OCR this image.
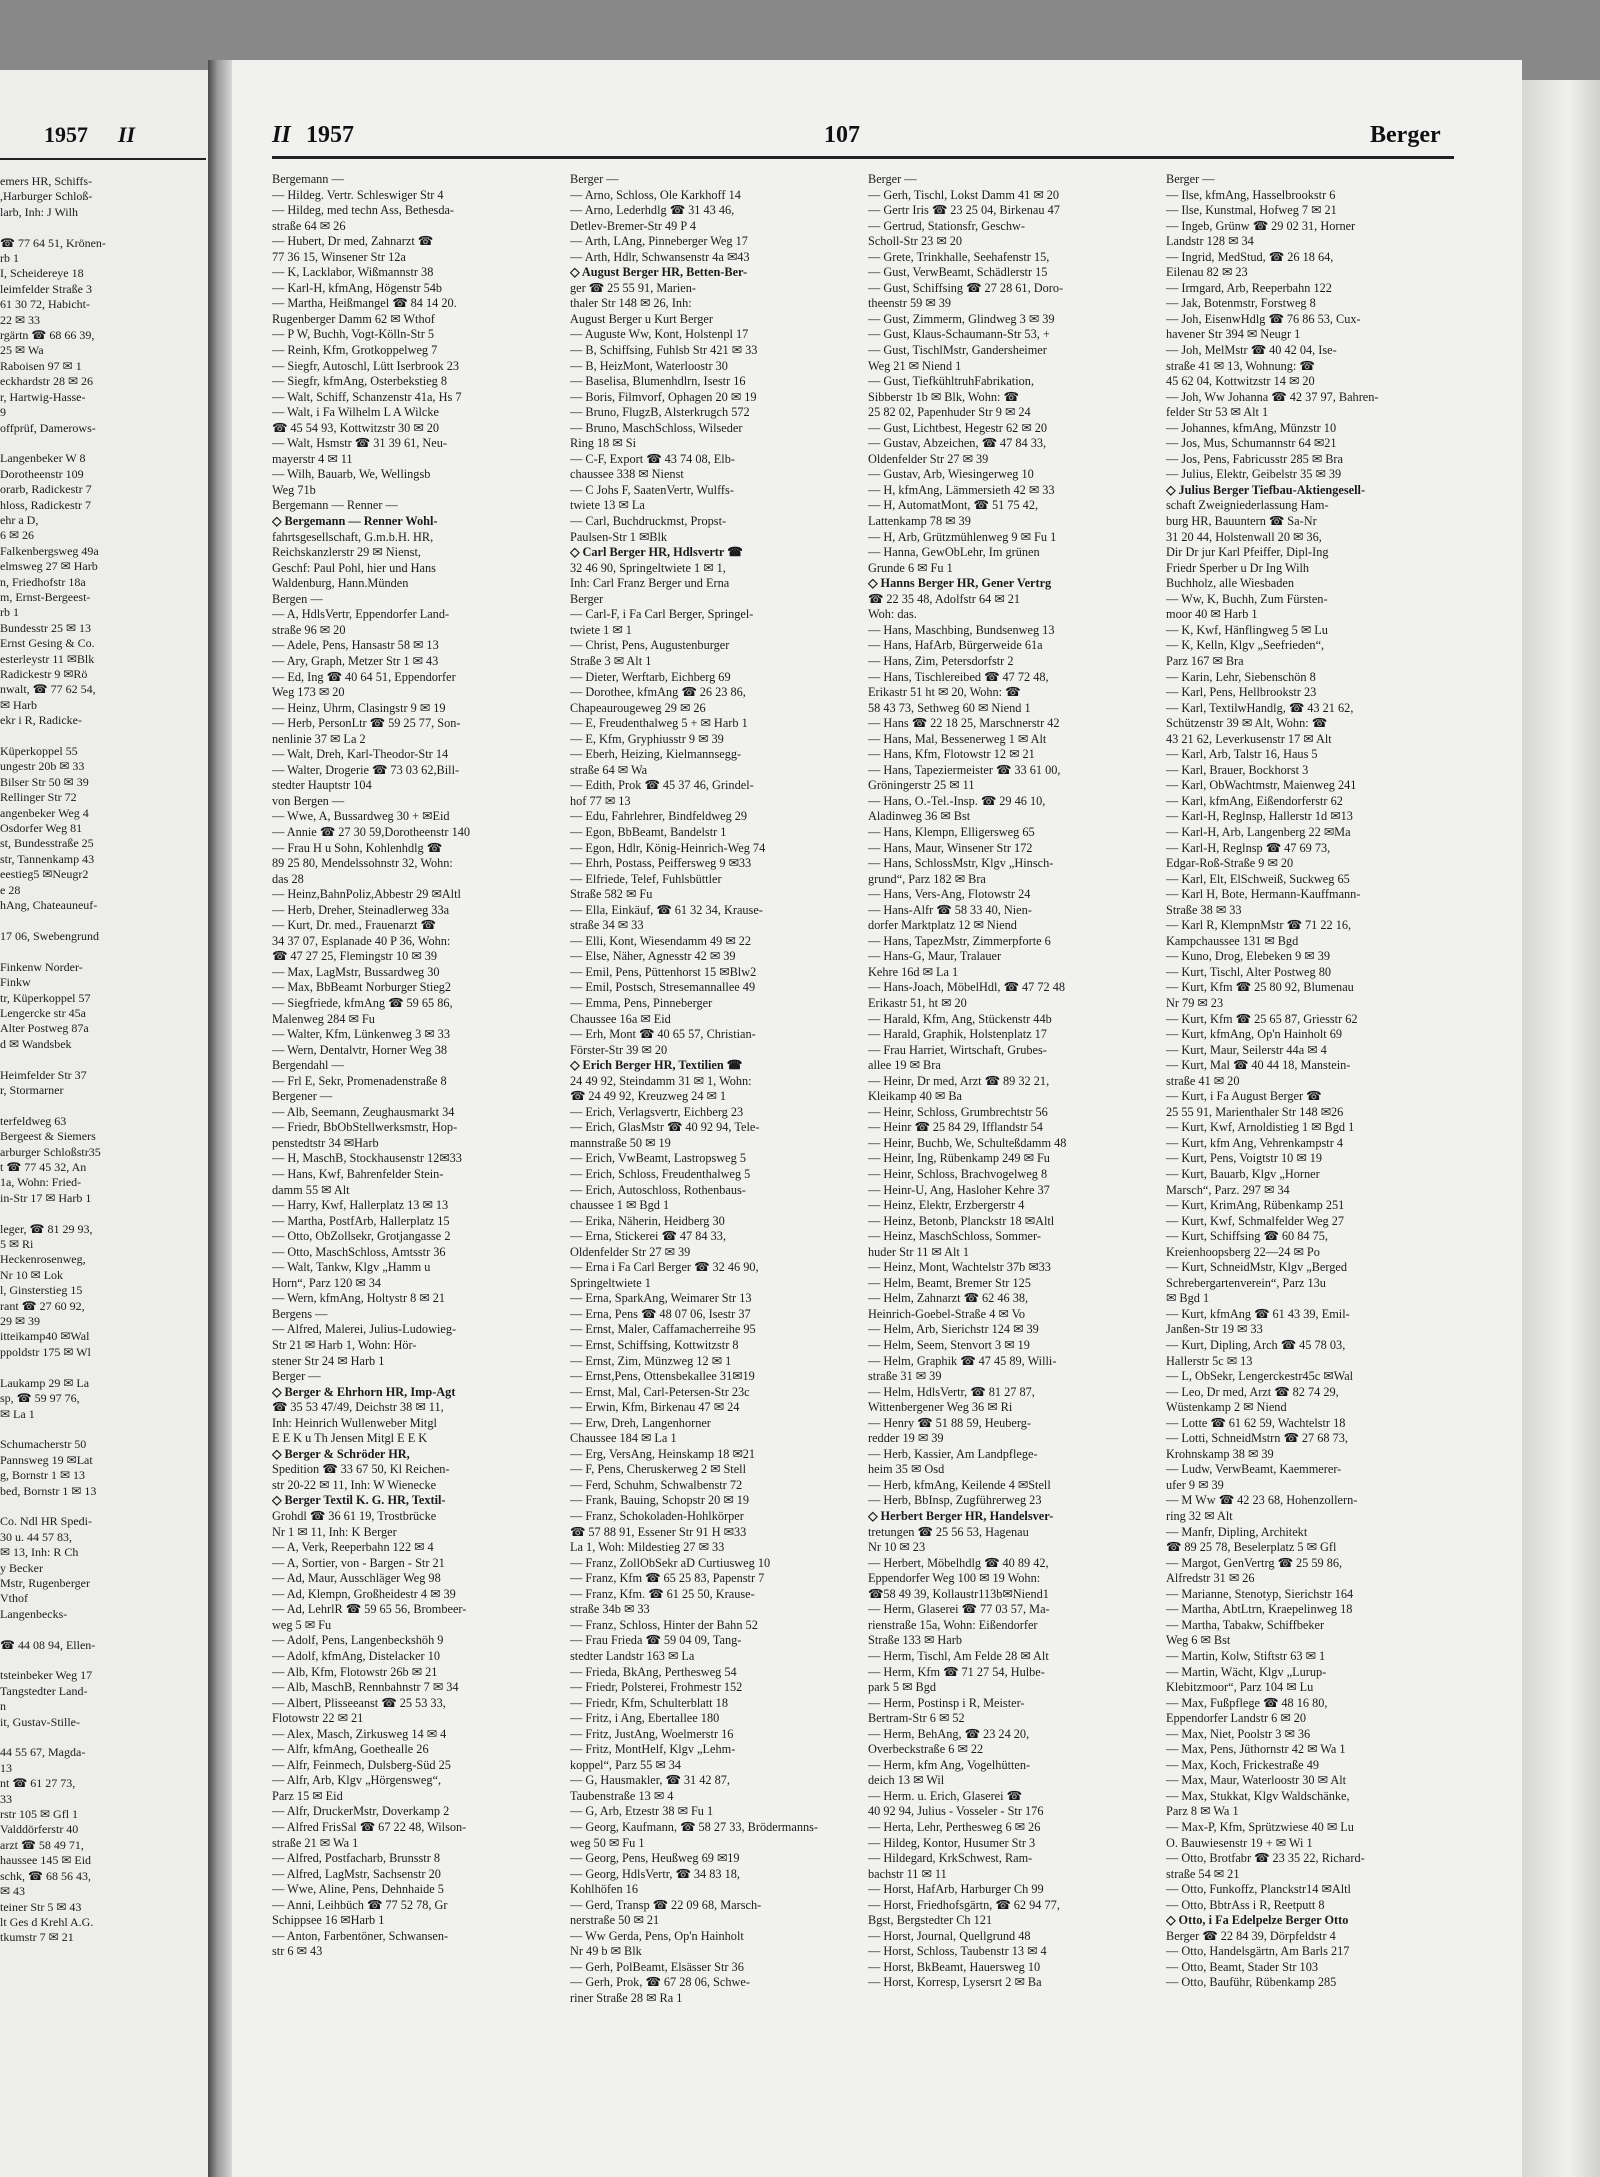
1957 II
emers HR, Schiffs-
,Harburger Schloß-
larb, Inh: J Wilh

☎ 77 64 51, Krönen-
rb 1
I, Scheidereye 18
leimfelder Straße 3
61 30 72, Habicht-
22 ✉ 33
rgärtn ☎ 68 66 39,
25 ✉ Wa
Raboisen 97 ✉ 1
eckhardstr 28 ✉ 26
r, Hartwig-Hasse-
9
offprüf, Damerows-

Langenbeker W 8
Dorotheenstr 109
orarb, Radickestr 7
hloss, Radickestr 7
ehr a D,
6 ✉ 26
Falkenbergsweg 49a
elmsweg 27 ✉ Harb
n, Friedhofstr 18a
m, Ernst-Bergeest-
rb 1
Bundesstr 25 ✉ 13
Ernst Gesing & Co.
esterleystr 11 ✉Blk
Radickestr 9 ✉Rö
nwalt, ☎ 77 62 54,
✉ Harb
ekr i R, Radicke-

Küperkoppel 55
ungestr 20b ✉ 33
Bilser Str 50 ✉ 39
Rellinger Str 72
angenbeker Weg 4
Osdorfer Weg 81
st, Bundesstraße 25
str, Tannenkamp 43
eestieg5 ✉Neugr2
e 28
hAng, Chateauneuf-

17 06, Swebengrund

Finkenw Norder-
Finkw
tr, Küperkoppel 57
Lengercke str 45a
Alter Postweg 87a
d ✉ Wandsbek

Heimfelder Str 37
r, Stormarner

terfeldweg 63
Bergeest & Siemers
arburger Schloßstr35
t ☎ 77 45 32, An
1a, Wohn: Fried-
in-Str 17 ✉ Harb 1

leger, ☎ 81 29 93,
5 ✉ Ri
Heckenrosenweg,
Nr 10 ✉ Lok
l, Ginsterstieg 15
rant ☎ 27 60 92,
29 ✉ 39
itteikamp40 ✉Wal
ppoldstr 175 ✉ Wl

Laukamp 29 ✉ La
sp, ☎ 59 97 76,
✉ La 1

Schumacherstr 50
Pannsweg 19 ✉Lat
g, Bornstr 1 ✉ 13
bed, Bornstr 1 ✉ 13

Co. Ndl HR Spedi-
30 u. 44 57 83,
✉ 13, Inh: R Ch
y Becker
Mstr, Rugenberger
Vthof
Langenbecks-

☎ 44 08 94, Ellen-

tsteinbeker Weg 17
Tangstedter Land-
n
it, Gustav-Stille-

44 55 67, Magda-
13
nt ☎ 61 27 73,
33
rstr 105 ✉ Gfl 1
Valddörferstr 40
arzt ☎ 58 49 71,
haussee 145 ✉ Eid
schk, ☎ 68 56 43,
✉ 43
teiner Str 5 ✉ 43
lt Ges d Krehl A.G.
tkumstr 7 ✉ 21
II 1957	107	Berger
Bergemann —
— Hildeg. Vertr. Schleswiger Str 4
— Hildeg, med techn Ass, Bethesda-
straße 64 ✉ 26
— Hubert, Dr med, Zahnarzt ☎
77 36 15, Winsener Str 12a
— K, Lacklabor, Wißmannstr 38
— Karl-H, kfmAng, Högenstr 54b
— Martha, Heißmangel ☎ 84 14 20.
Rugenberger Damm 62 ✉ Wthof
— P W, Buchh, Vogt-Kölln-Str 5
— Reinh, Kfm, Grotkoppelweg 7
— Siegfr, Autoschl, Lütt Iserbrook 23
— Siegfr, kfmAng, Osterbekstieg 8
— Walt, Schiff, Schanzenstr 41a, Hs 7
— Walt, i Fa Wilhelm L A Wilcke
☎ 45 54 93, Kottwitzstr 30 ✉ 20
— Walt, Hsmstr ☎ 31 39 61, Neu-
mayerstr 4 ✉ 11
— Wilh, Bauarb, We, Wellingsb
Weg 71b
Bergemann — Renner —
◇ Bergemann — Renner Wohl-
fahrtsgesellschaft, G.m.b.H. HR,
Reichskanzlerstr 29 ✉ Nienst,
Geschf: Paul Pohl, hier und Hans
Waldenburg, Hann.Münden
Bergen —
— A, HdlsVertr, Eppendorfer Land-
straße 96 ✉ 20
— Adele, Pens, Hansastr 58 ✉ 13
— Ary, Graph, Metzer Str 1 ✉ 43
— Ed, Ing ☎ 40 64 51, Eppendorfer
Weg 173 ✉ 20
— Heinz, Uhrm, Clasingstr 9 ✉ 19
— Herb, PersonLtr ☎ 59 25 77, Son-
nenlinie 37 ✉ La 2
— Walt, Dreh, Karl-Theodor-Str 14
— Walter, Drogerie ☎ 73 03 62,Bill-
stedter Hauptstr 104
von Bergen —
— Wwe, A, Bussardweg 30 + ✉Eid
— Annie ☎ 27 30 59,Dorotheenstr 140
— Frau H u Sohn, Kohlenhdlg ☎
89 25 80, Mendelssohnstr 32, Wohn:
das 28
— Heinz,BahnPoliz,Abbestr 29 ✉Altl
— Herb, Dreher, Steinadlerweg 33a
— Kurt, Dr. med., Frauenarzt ☎
34 37 07, Esplanade 40 P 36, Wohn:
☎ 47 27 25, Flemingstr 10 ✉ 39
— Max, LagMstr, Bussardweg 30
— Max, BbBeamt Norburger Stieg2
— Siegfriede, kfmAng ☎ 59 65 86,
Malenweg 284 ✉ Fu
— Walter, Kfm, Lünkenweg 3 ✉ 33
— Wern, Dentalvtr, Horner Weg 38
Bergendahl —
— Frl E, Sekr, Promenadenstraße 8
Bergener —
— Alb, Seemann, Zeughausmarkt 34
— Friedr, BbObStellwerksmstr, Hop-
penstedtstr 34 ✉Harb
— H, MaschB, Stockhausenstr 12✉33
— Hans, Kwf, Bahrenfelder Stein-
damm 55 ✉ Alt
— Harry, Kwf, Hallerplatz 13 ✉ 13
— Martha, PostfArb, Hallerplatz 15
— Otto, ObZollsekr, Grotjangasse 2
— Otto, MaschSchloss, Amtsstr 36
— Walt, Tankw, Klgv „Hamm u
Horn“, Parz 120 ✉ 34
— Wern, kfmAng, Holtystr 8 ✉ 21
Bergens —
— Alfred, Malerei, Julius-Ludowieg-
Str 21 ✉ Harb 1, Wohn: Hör-
stener Str 24 ✉ Harb 1
Berger —
◇ Berger & Ehrhorn HR, Imp-Agt
☎ 35 53 47/49, Deichstr 38 ✉ 11,
Inh: Heinrich Wullenweber Mitgl
E E K u Th Jensen Mitgl E E K
◇ Berger & Schröder HR,
Spedition ☎ 33 67 50, Kl Reichen-
str 20-22 ✉ 11, Inh: W Wienecke
◇ Berger Textil K. G. HR, Textil-
Grohdl ☎ 36 61 19, Trostbrücke
Nr 1 ✉ 11, Inh: K Berger
— A, Verk, Reeperbahn 122 ✉ 4
— A, Sortier, von - Bargen - Str 21
— Ad, Maur, Ausschläger Weg 98
— Ad, Klempn, Großheidestr 4 ✉ 39
— Ad, LehrlR ☎ 59 65 56, Brombeer-
weg 5 ✉ Fu
— Adolf, Pens, Langenbeckshöh 9
— Adolf, kfmAng, Distelacker 10
— Alb, Kfm, Flotowstr 26b ✉ 21
— Alb, MaschB, Rennbahnstr 7 ✉ 34
— Albert, Plisseeanst ☎ 25 53 33,
Flotowstr 22 ✉ 21
— Alex, Masch, Zirkusweg 14 ✉ 4
— Alfr, kfmAng, Goethealle 26
— Alfr, Feinmech, Dulsberg-Süd 25
— Alfr, Arb, Klgv „Hörgensweg“,
Parz 15 ✉ Eid
— Alfr, DruckerMstr, Doverkamp 2
— Alfred FrisSal ☎ 67 22 48, Wilson-
straße 21 ✉ Wa 1
— Alfred, Postfacharb, Brunsstr 8
— Alfred, LagMstr, Sachsenstr 20
— Wwe, Aline, Pens, Dehnhaide 5
— Anni, Leihbüch ☎ 77 52 78, Gr
Schippsee 16 ✉Harb 1
— Anton, Farbentöner, Schwansen-
str 6 ✉ 43
Berger —
— Arno, Schloss, Ole Karkhoff 14
— Arno, Lederhdlg ☎ 31 43 46,
Detlev-Bremer-Str 49 P 4
— Arth, LAng, Pinneberger Weg 17
— Arth, Hdlr, Schwansenstr 4a ✉43
◇ August Berger HR, Betten-Ber-
ger ☎ 25 55 91, Marien-
thaler Str 148 ✉ 26, Inh:
August Berger u Kurt Berger
— Auguste Ww, Kont, Holstenpl 17
— B, Schiffsing, Fuhlsb Str 421 ✉ 33
— B, HeizMont, Waterloostr 30
— Baselisa, Blumenhdlrn, Isestr 16
— Boris, Filmvorf, Ophagen 20 ✉ 19
— Bruno, FlugzB, Alsterkrugch 572
— Bruno, MaschSchloss, Wilseder
Ring 18 ✉ Si
— C-F, Export ☎ 43 74 08, Elb-
chaussee 338 ✉ Nienst
— C Johs F, SaatenVertr, Wulffs-
twiete 13 ✉ La
— Carl, Buchdruckmst, Propst-
Paulsen-Str 1 ✉Blk
◇ Carl Berger HR, Hdlsvertr ☎
32 46 90, Springeltwiete 1 ✉ 1,
Inh: Carl Franz Berger und Erna
Berger
— Carl-F, i Fa Carl Berger, Springel-
twiete 1 ✉ 1
— Christ, Pens, Augustenburger
Straße 3 ✉ Alt 1
— Dieter, Werftarb, Eichberg 69
— Dorothee, kfmAng ☎ 26 23 86,
Chapeaurougeweg 29 ✉ 26
— E, Freudenthalweg 5 + ✉ Harb 1
— E, Kfm, Gryphiusstr 9 ✉ 39
— Eberh, Heizing, Kielmannsegg-
straße 64 ✉ Wa
— Edith, Prok ☎ 45 37 46, Grindel-
hof 77 ✉ 13
— Edu, Fahrlehrer, Bindfeldweg 29
— Egon, BbBeamt, Bandelstr 1
— Egon, Hdlr, König-Heinrich-Weg 74
— Ehrh, Postass, Peiffersweg 9 ✉33
— Elfriede, Telef, Fuhlsbüttler
Straße 582 ✉ Fu
— Ella, Einkäuf, ☎ 61 32 34, Krause-
straße 34 ✉ 33
— Elli, Kont, Wiesendamm 49 ✉ 22
— Else, Näher, Agnesstr 42 ✉ 39
— Emil, Pens, Püttenhorst 15 ✉Blw2
— Emil, Postsch, Stresemannallee 49
— Emma, Pens, Pinneberger
Chaussee 16a ✉ Eid
— Erh, Mont ☎ 40 65 57, Christian-
Förster-Str 39 ✉ 20
◇ Erich Berger HR, Textilien ☎
24 49 92, Steindamm 31 ✉ 1, Wohn:
☎ 24 49 92, Kreuzweg 24 ✉ 1
— Erich, Verlagsvertr, Eichberg 23
— Erich, GlasMstr ☎ 40 92 94, Tele-
mannstraße 50 ✉ 19
— Erich, VwBeamt, Lastropsweg 5
— Erich, Schloss, Freudenthalweg 5
— Erich, Autoschloss, Rothenbaus-
chaussee 1 ✉ Bgd 1
— Erika, Näherin, Heidberg 30
— Erna, Stickerei ☎ 47 84 33,
Oldenfelder Str 27 ✉ 39
— Erna i Fa Carl Berger ☎ 32 46 90,
Springeltwiete 1
— Erna, SparkAng, Weimarer Str 13
— Erna, Pens ☎ 48 07 06, Isestr 37
— Ernst, Maler, Caffamacherreihe 95
— Ernst, Schiffsing, Kottwitzstr 8
— Ernst, Zim, Münzweg 12 ✉ 1
— Ernst,Pens, Ottensbekallee 31✉19
— Ernst, Mal, Carl-Petersen-Str 23c
— Erwin, Kfm, Birkenau 47 ✉ 24
— Erw, Dreh, Langenhorner
Chaussee 184 ✉ La 1
— Erg, VersAng, Heinskamp 18 ✉21
— F, Pens, Cheruskerweg 2 ✉ Stell
— Ferd, Schuhm, Schwalbenstr 72
— Frank, Bauing, Schopstr 20 ✉ 19
— Franz, Schokoladen-Hohlkörper
☎ 57 88 91, Essener Str 91 H ✉33
La 1, Woh: Mildestieg 27 ✉ 33
— Franz, ZollObSekr aD Curtiusweg 10
— Franz, Kfm ☎ 65 25 83, Papenstr 7
— Franz, Kfm. ☎ 61 25 50, Krause-
straße 34b ✉ 33
— Franz, Schloss, Hinter der Bahn 52
— Frau Frieda ☎ 59 04 09, Tang-
stedter Landstr 163 ✉ La
— Frieda, BkAng, Perthesweg 54
— Friedr, Polsterei, Frohmestr 152
— Friedr, Kfm, Schulterblatt 18
— Fritz, i Ang, Ebertallee 180
— Fritz, JustAng, Woelmerstr 16
— Fritz, MontHelf, Klgv „Lehm-
koppel“, Parz 55 ✉ 34
— G, Hausmakler, ☎ 31 42 87,
Taubenstraße 13 ✉ 4
— G, Arb, Etzestr 38 ✉ Fu 1
— Georg, Kaufmann, ☎ 58 27 33, Brödermanns-
weg 50 ✉ Fu 1
— Georg, Pens, Heußweg 69 ✉19
— Georg, HdlsVertr, ☎ 34 83 18,
Kohlhöfen 16
— Gerd, Transp ☎ 22 09 68, Marsch-
nerstraße 50 ✉ 21
— Ww Gerda, Pens, Op'n Hainholt
Nr 49 b ✉ Blk
— Gerh, PolBeamt, Elsässer Str 36
— Gerh, Prok, ☎ 67 28 06, Schwe-
riner Straße 28 ✉ Ra 1
Berger —
— Gerh, Tischl, Lokst Damm 41 ✉ 20
— Gertr Iris ☎ 23 25 04, Birkenau 47
— Gertrud, Stationsfr, Geschw-
Scholl-Str 23 ✉ 20
— Grete, Trinkhalle, Seehafenstr 15,
— Gust, VerwBeamt, Schädlerstr 15
— Gust, Schiffsing ☎ 27 28 61, Doro-
theenstr 59 ✉ 39
— Gust, Zimmerm, Glindweg 3 ✉ 39
— Gust, Klaus-Schaumann-Str 53, +
— Gust, TischlMstr, Gandersheimer
Weg 21 ✉ Niend 1
— Gust, TiefkühltruhFabrikation,
Sibberstr 1b ✉ Blk, Wohn: ☎
25 82 02, Papenhuder Str 9 ✉ 24
— Gust, Lichtbest, Hegestr 62 ✉ 20
— Gustav, Abzeichen, ☎ 47 84 33,
Oldenfelder Str 27 ✉ 39
— Gustav, Arb, Wiesingerweg 10
— H, kfmAng, Lämmersieth 42 ✉ 33
— H, AutomatMont, ☎ 51 75 42,
Lattenkamp 78 ✉ 39
— H, Arb, Grützmühlenweg 9 ✉ Fu 1
— Hanna, GewObLehr, Im grünen
Grunde 6 ✉ Fu 1
◇ Hanns Berger HR, Gener Vertrg
☎ 22 35 48, Adolfstr 64 ✉ 21
Woh: das.
— Hans, Maschbing, Bundsenweg 13
— Hans, HafArb, Bürgerweide 61a
— Hans, Zim, Petersdorfstr 2
— Hans, Tischlereibed ☎ 47 72 48,
Erikastr 51 ht ✉ 20, Wohn: ☎
58 43 73, Sethweg 60 ✉ Niend 1
— Hans ☎ 22 18 25, Marschnerstr 42
— Hans, Mal, Bessenerweg 1 ✉ Alt
— Hans, Kfm, Flotowstr 12 ✉ 21
— Hans, Tapeziermeister ☎ 33 61 00,
Gröningerstr 25 ✉ 11
— Hans, O.-Tel.-Insp. ☎ 29 46 10,
Aladinweg 36 ✉ Bst
— Hans, Klempn, Elligersweg 65
— Hans, Maur, Winsener Str 172
— Hans, SchlossMstr, Klgv „Hinsch-
grund“, Parz 182 ✉ Bra
— Hans, Vers-Ang, Flotowstr 24
— Hans-Alfr ☎ 58 33 40, Nien-
dorfer Marktplatz 12 ✉ Niend
— Hans, TapezMstr, Zimmerpforte 6
— Hans-G, Maur, Tralauer
Kehre 16d ✉ La 1
— Hans-Joach, MöbelHdl, ☎ 47 72 48
Erikastr 51, ht ✉ 20
— Harald, Kfm, Ang, Stückenstr 44b
— Harald, Graphik, Holstenplatz 17
— Frau Harriet, Wirtschaft, Grubes-
allee 19 ✉ Bra
— Heinr, Dr med, Arzt ☎ 89 32 21,
Kleikamp 40 ✉ Ba
— Heinr, Schloss, Grumbrechtstr 56
— Heinr ☎ 25 84 29, Ifflandstr 54
— Heinr, Buchb, We, Schulteßdamm 48
— Heinr, Ing, Rübenkamp 249 ✉ Fu
— Heinr, Schloss, Brachvogelweg 8
— Heinr-U, Ang, Hasloher Kehre 37
— Heinz, Elektr, Erzbergerstr 4
— Heinz, Betonb, Planckstr 18 ✉Altl
— Heinz, MaschSchloss, Sommer-
huder Str 11 ✉ Alt 1
— Heinz, Mont, Wachtelstr 37b ✉33
— Helm, Beamt, Bremer Str 125
— Helm, Zahnarzt ☎ 62 46 38,
Heinrich-Goebel-Straße 4 ✉ Vo
— Helm, Arb, Sierichstr 124 ✉ 39
— Helm, Seem, Stenvort 3 ✉ 19
— Helm, Graphik ☎ 47 45 89, Willi-
straße 31 ✉ 39
— Helm, HdlsVertr, ☎ 81 27 87,
Wittenbergener Weg 36 ✉ Ri
— Henry ☎ 51 88 59, Heuberg-
redder 19 ✉ 39
— Herb, Kassier, Am Landpflege-
heim 35 ✉ Osd
— Herb, kfmAng, Keilende 4 ✉Stell
— Herb, BbInsp, Zugführerweg 23
◇ Herbert Berger HR, Handelsver-
tretungen ☎ 25 56 53, Hagenau
Nr 10 ✉ 23
— Herbert, Möbelhdlg ☎ 40 89 42,
Eppendorfer Weg 100 ✉ 19 Wohn:
☎58 49 39, Kollaustr113b✉Niend1
— Herm, Glaserei ☎ 77 03 57, Ma-
rienstraße 15a, Wohn: Eißendorfer
Straße 133 ✉ Harb
— Herm, Tischl, Am Felde 28 ✉ Alt
— Herm, Kfm ☎ 71 27 54, Hulbe-
park 5 ✉ Bgd
— Herm, Postinsp i R, Meister-
Bertram-Str 6 ✉ 52
— Herm, BehAng, ☎ 23 24 20,
Overbeckstraße 6 ✉ 22
— Herm, kfm Ang, Vogelhütten-
deich 13 ✉ Wil
— Herm. u. Erich, Glaserei ☎
40 92 94, Julius - Vosseler - Str 176
— Herta, Lehr, Perthesweg 6 ✉ 26
— Hildeg, Kontor, Husumer Str 3
— Hildegard, KrkSchwest, Ram-
bachstr 11 ✉ 11
— Horst, HafArb, Harburger Ch 99
— Horst, Friedhofsgärtn, ☎ 62 94 77,
Bgst, Bergstedter Ch 121
— Horst, Journal, Quellgrund 48
— Horst, Schloss, Taubenstr 13 ✉ 4
— Horst, BkBeamt, Hauersweg 10
— Horst, Korresp, Lysersrt 2 ✉ Ba
Berger —
— Ilse, kfmAng, Hasselbrookstr 6
— Ilse, Kunstmal, Hofweg 7 ✉ 21
— Ingeb, Grünw ☎ 29 02 31, Horner
Landstr 128 ✉ 34
— Ingrid, MedStud, ☎ 26 18 64,
Eilenau 82 ✉ 23
— Irmgard, Arb, Reeperbahn 122
— Jak, Botenmstr, Forstweg 8
— Joh, EisenwHdlg ☎ 76 86 53, Cux-
havener Str 394 ✉ Neugr 1
— Joh, MelMstr ☎ 40 42 04, Ise-
straße 41 ✉ 13, Wohnung: ☎
45 62 04, Kottwitzstr 14 ✉ 20
— Joh, Ww Johanna ☎ 42 37 97, Bahren-
felder Str 53 ✉ Alt 1
— Johannes, kfmAng, Münzstr 10
— Jos, Mus, Schumannstr 64 ✉21
— Jos, Pens, Fabricusstr 285 ✉ Bra
— Julius, Elektr, Geibelstr 35 ✉ 39
◇ Julius Berger Tiefbau-Aktiengesell-
schaft Zweigniederlassung Ham-
burg HR, Bauuntern ☎ Sa-Nr
31 20 44, Holstenwall 20 ✉ 36,
Dir Dr jur Karl Pfeiffer, Dipl-Ing
Friedr Sperber u Dr Ing Wilh
Buchholz, alle Wiesbaden
— Ww, K, Buchh, Zum Fürsten-
moor 40 ✉ Harb 1
— K, Kwf, Hänflingweg 5 ✉ Lu
— K, Kelln, Klgv „Seefrieden“,
Parz 167 ✉ Bra
— Karin, Lehr, Siebenschön 8
— Karl, Pens, Hellbrookstr 23
— Karl, TextilwHandlg, ☎ 43 21 62,
Schützenstr 39 ✉ Alt, Wohn: ☎
43 21 62, Leverkusenstr 17 ✉ Alt
— Karl, Arb, Talstr 16, Haus 5
— Karl, Brauer, Bockhorst 3
— Karl, ObWachtmstr, Maienweg 241
— Karl, kfmAng, Eißendorferstr 62
— Karl-H, Reglnsp, Hallerstr 1d ✉13
— Karl-H, Arb, Langenberg 22 ✉Ma
— Karl-H, Reglnsp ☎ 47 69 73,
Edgar-Roß-Straße 9 ✉ 20
— Karl, Elt, ElSchweiß, Suckweg 65
— Karl H, Bote, Hermann-Kauffmann-
Straße 38 ✉ 33
— Karl R, KlempnMstr ☎ 71 22 16,
Kampchaussee 131 ✉ Bgd
— Kuno, Drog, Elebeken 9 ✉ 39
— Kurt, Tischl, Alter Postweg 80
— Kurt, Kfm ☎ 25 80 92, Blumenau
Nr 79 ✉ 23
— Kurt, Kfm ☎ 25 65 87, Griesstr 62
— Kurt, kfmAng, Op'n Hainholt 69
— Kurt, Maur, Seilerstr 44a ✉ 4
— Kurt, Mal ☎ 40 44 18, Manstein-
straße 41 ✉ 20
— Kurt, i Fa August Berger ☎
25 55 91, Marienthaler Str 148 ✉26
— Kurt, Kwf, Arnoldistieg 1 ✉ Bgd 1
— Kurt, kfm Ang, Vehrenkampstr 4
— Kurt, Pens, Voigtstr 10 ✉ 19
— Kurt, Bauarb, Klgv „Horner
Marsch“, Parz. 297 ✉ 34
— Kurt, KrimAng, Rübenkamp 251
— Kurt, Kwf, Schmalfelder Weg 27
— Kurt, Schiffsing ☎ 60 84 75,
Kreienhoopsberg 22—24 ✉ Po
— Kurt, SchneidMstr, Klgv „Berged
Schrebergartenverein“, Parz 13u
✉ Bgd 1
— Kurt, kfmAng ☎ 61 43 39, Emil-
Janßen-Str 19 ✉ 33
— Kurt, Dipling, Arch ☎ 45 78 03,
Hallerstr 5c ✉ 13
— L, ObSekr, Lengerckestr45c ✉Wal
— Leo, Dr med, Arzt ☎ 82 74 29,
Wüstenkamp 2 ✉ Niend
— Lotte ☎ 61 62 59, Wachtelstr 18
— Lotti, SchneidMstrn ☎ 27 68 73,
Krohnskamp 38 ✉ 39
— Ludw, VerwBeamt, Kaemmerer-
ufer 9 ✉ 39
— M Ww ☎ 42 23 68, Hohenzollern-
ring 32 ✉ Alt
— Manfr, Dipling, Architekt
☎ 89 25 78, Beselerplatz 5 ✉ Gfl
— Margot, GenVertrg ☎ 25 59 86,
Alfredstr 31 ✉ 26
— Marianne, Stenotyp, Sierichstr 164
— Martha, AbtLtrn, Kraepelinweg 18
— Martha, Tabakw, Schiffbeker
Weg 6 ✉ Bst
— Martin, Kolw, Stiftstr 63 ✉ 1
— Martin, Wächt, Klgv „Lurup-
Klebitzmoor“, Parz 104 ✉ Lu
— Max, Fußpflege ☎ 48 16 80,
Eppendorfer Landstr 6 ✉ 20
— Max, Niet, Poolstr 3 ✉ 36
— Max, Pens, Jüthornstr 42 ✉ Wa 1
— Max, Koch, Frickestraße 49
— Max, Maur, Waterloostr 30 ✉ Alt
— Max, Stukkat, Klgv Waldschänke,
Parz 8 ✉ Wa 1
— Max-P, Kfm, Sprützwiese 40 ✉ Lu
O. Bauwiesenstr 19 + ✉ Wi 1
— Otto, Brotfabr ☎ 23 35 22, Richard-
straße 54 ✉ 21
— Otto, Funkoffz, Planckstr14 ✉Altl
— Otto, BbtrAss i R, Reetputt 8
◇ Otto, i Fa Edelpelze Berger Otto
Berger ☎ 22 84 39, Dörpfeldstr 4
— Otto, Handelsgärtn, Am Barls 217
— Otto, Beamt, Stader Str 103
— Otto, Bauführ, Rübenkamp 285
